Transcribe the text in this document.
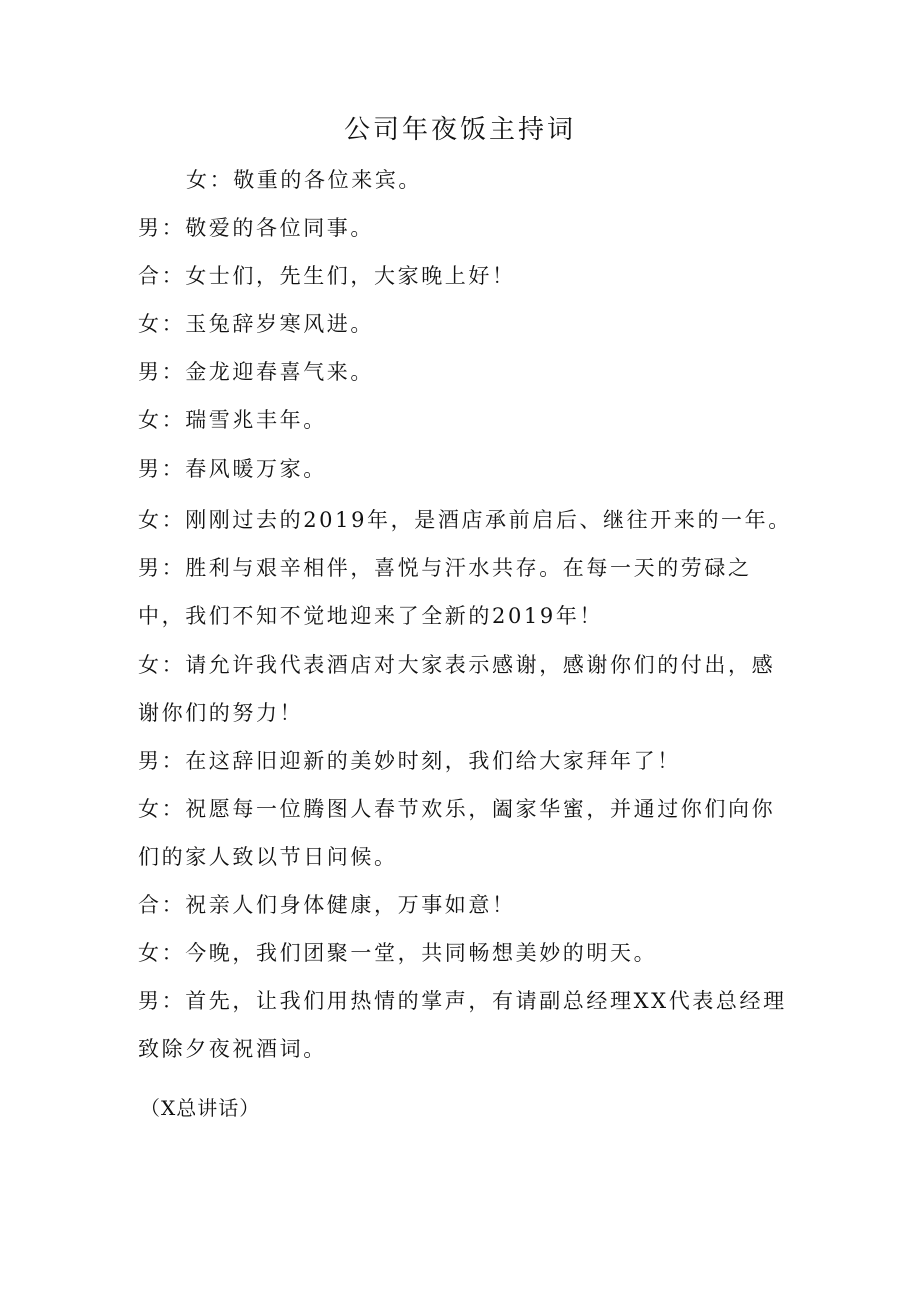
公司年夜饭主持词
女：敬重的各位来宾。
男：敬爱的各位同事。
合：女士们，先生们，大家晚上好！
女：玉兔辞岁寒风进。
男：金龙迎春喜气来。
女：瑞雪兆丰年。
男：春风暖万家。
女：刚刚过去的2019年，是酒店承前启后、继往开来的一年。
男：胜利与艰辛相伴，喜悦与汗水共存。在每一天的劳碌之
中，我们不知不觉地迎来了全新的2019年！
女：请允许我代表酒店对大家表示感谢，感谢你们的付出，感
谢你们的努力！
男：在这辞旧迎新的美妙时刻，我们给大家拜年了！
女：祝愿每一位腾图人春节欢乐，阖家华蜜，并通过你们向你
们的家人致以节日问候。
合：祝亲人们身体健康，万事如意！
女：今晚，我们团聚一堂，共同畅想美妙的明天。
男：首先，让我们用热情的掌声，有请副总经理XX代表总经理
致除夕夜祝酒词。
（X总讲话）
